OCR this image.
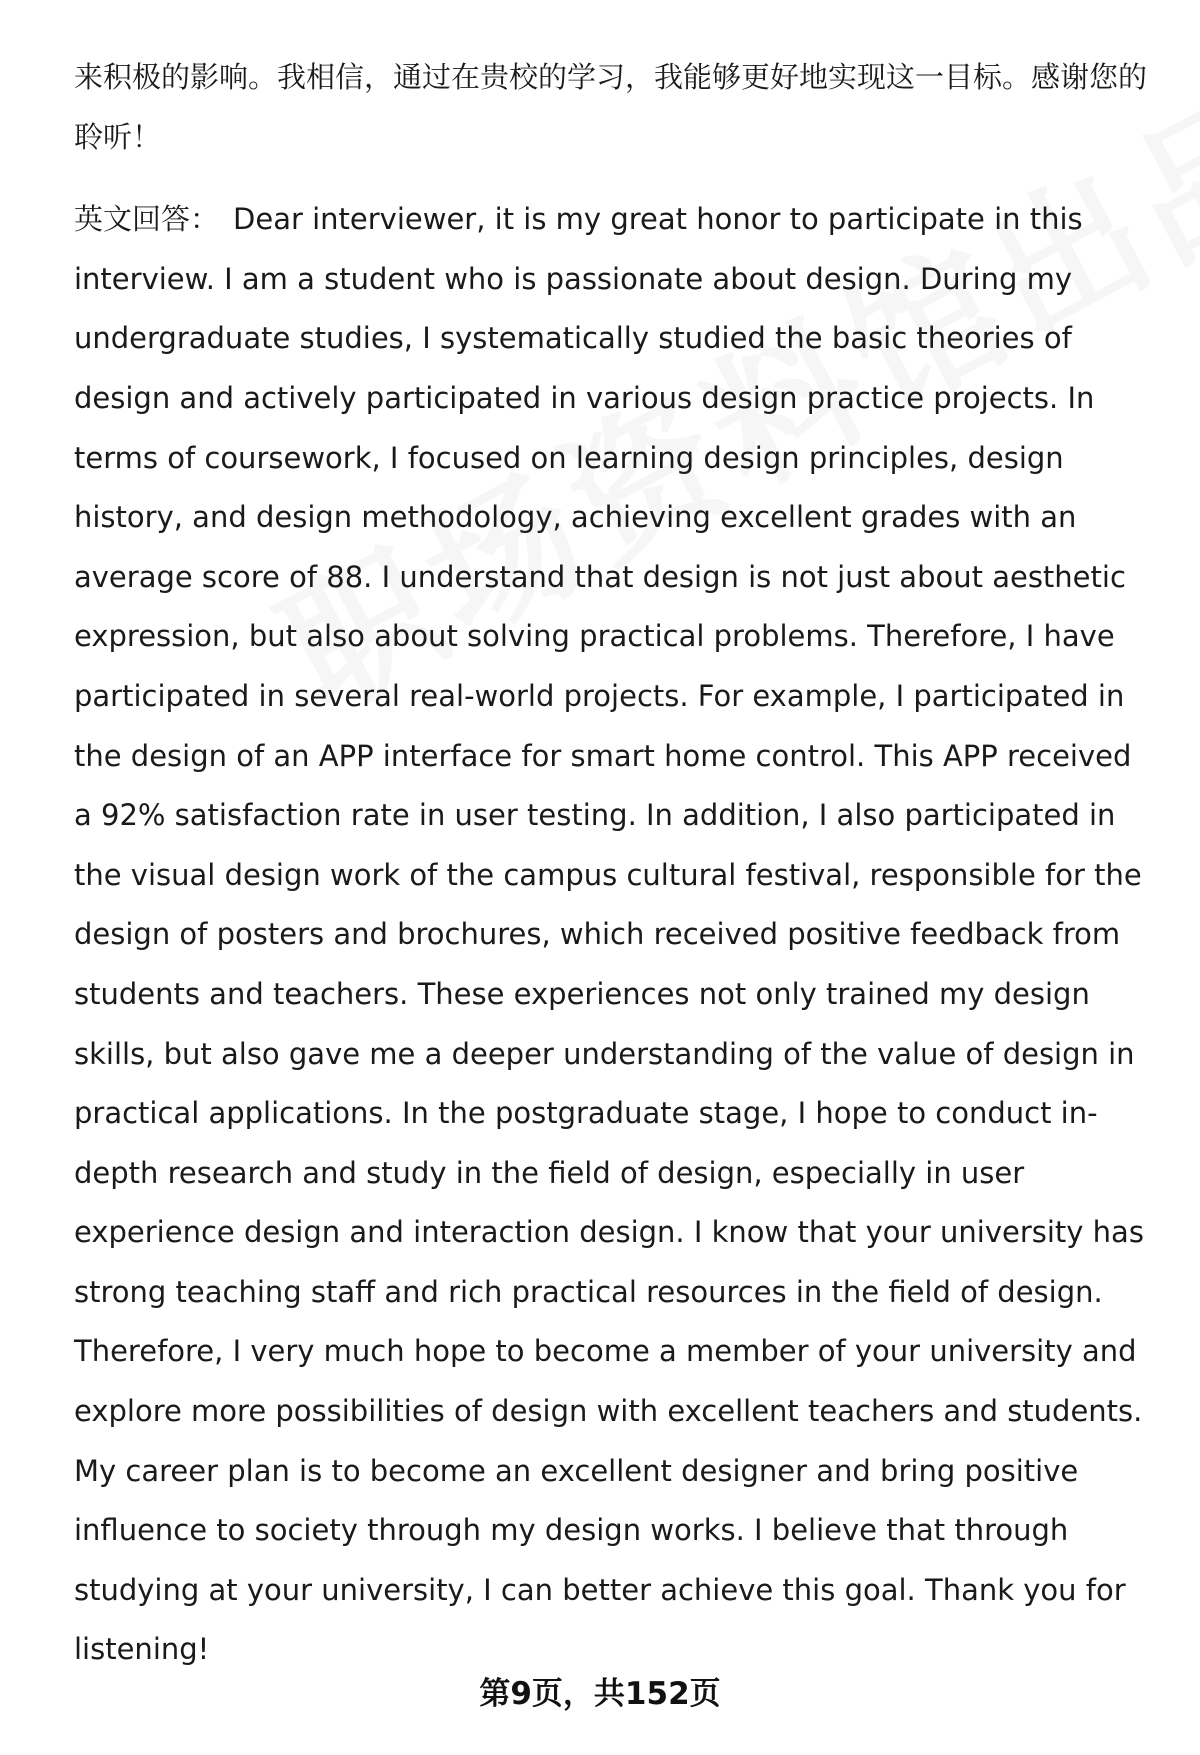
来积极的影响。我相信，通过在贵校的学习，我能够更好地实现这一目标。感谢您的聆听！

英文回答： Dear interviewer, it is my great honor to participate in this interview. I am a student who is passionate about design. During my undergraduate studies, I systematically studied the basic theories of design and actively participated in various design practice projects. In terms of coursework, I focused on learning design principles, design history, and design methodology, achieving excellent grades with an average score of 88. I understand that design is not just about aesthetic expression, but also about solving practical problems. Therefore, I have participated in several real-world projects. For example, I participated in the design of an APP interface for smart home control. This APP received a 92% satisfaction rate in user testing. In addition, I also participated in the visual design work of the campus cultural festival, responsible for the design of posters and brochures, which received positive feedback from students and teachers. These experiences not only trained my design skills, but also gave me a deeper understanding of the value of design in practical applications. In the postgraduate stage, I hope to conduct in-depth research and study in the field of design, especially in user experience design and interaction design. I know that your university has strong teaching staff and rich practical resources in the field of design. Therefore, I very much hope to become a member of your university and explore more possibilities of design with excellent teachers and students. My career plan is to become an excellent designer and bring positive influence to society through my design works. I believe that through studying at your university, I can better achieve this goal. Thank you for listening!

第9页，共152页
